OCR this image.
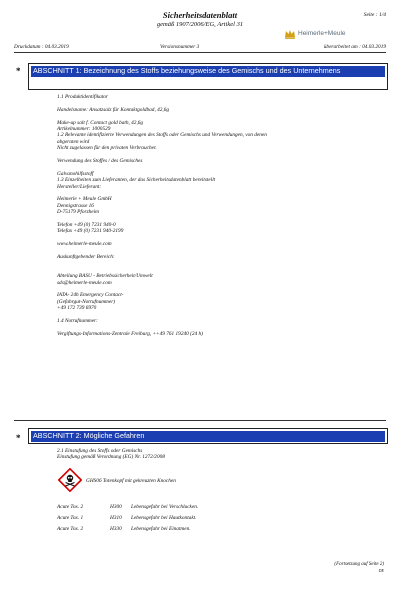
Sicherheitsdatenblatt
gemäß 1907/2006/EG, Artikel 31
Seite : 1/4
Heimerle+Meule
Druckdatum : 04.03.2019	Versionsnummer 3	überarbeitet am : 04.03.2019
* ABSCHNITT 1: Bezeichnung des Stoffs beziehungsweise des Gemischs und des Unternehmens
1.1 Produktidentifikator
Handelsname: Ansatzsalz für Kontaktgoldbad, 42,6g
Make-up salt f. Contact gold bath, 42,6g
Artikelnummer: 1000529
1.2 Relevante identifizierte Verwendungen des Stoffs oder Gemischs und Verwendungen, von denen
abgeraten wird
Nicht zugelassen für den privaten Verbraucher.
Verwendung des Stoffes / des Gemisches
Galvanohilfsstoff
1.3 Einzelheiten zum Lieferanten, der das Sicherheitsdatenblatt bereitstellt
Hersteller/Lieferant:
Heimerle + Meule GmbH
Dennigstrasse 16
D-75179 Pforzheim
Telefon +49 (0) 7231 940-0
Telefax +49 (0) 7231 940-2199
www.heimerle-meule.com
Auskunftgebender Bereich:
Abteilung BASU - Betriebssicherheit/Umwelt
sds@heimerle-meule.com
IATA- 24h Emergency Contact-
(Gefahrgut-Notrufnummer)
+49 172 739 6970
1.4 Notrufnummer:
Vergiftungs-Informations-Zentrale Freiburg, ++49 761 19240 (24 h)
* ABSCHNITT 2: Mögliche Gefahren
2.1 Einstufung des Stoffs oder Gemischs
Einstufung gemäß Verordnung (EG) Nr. 1272/2008
GHS06 Totenkopf mit gekreuzten Knochen
Acute Tox. 2	H300 Lebensgefahr bei Verschlucken.
Acute Tox. 1	H310 Lebensgefahr bei Hautkontakt.
Acute Tox. 2	H330 Lebensgefahr bei Einatmen.
(Fortsetzung auf Seite 2)
DE
